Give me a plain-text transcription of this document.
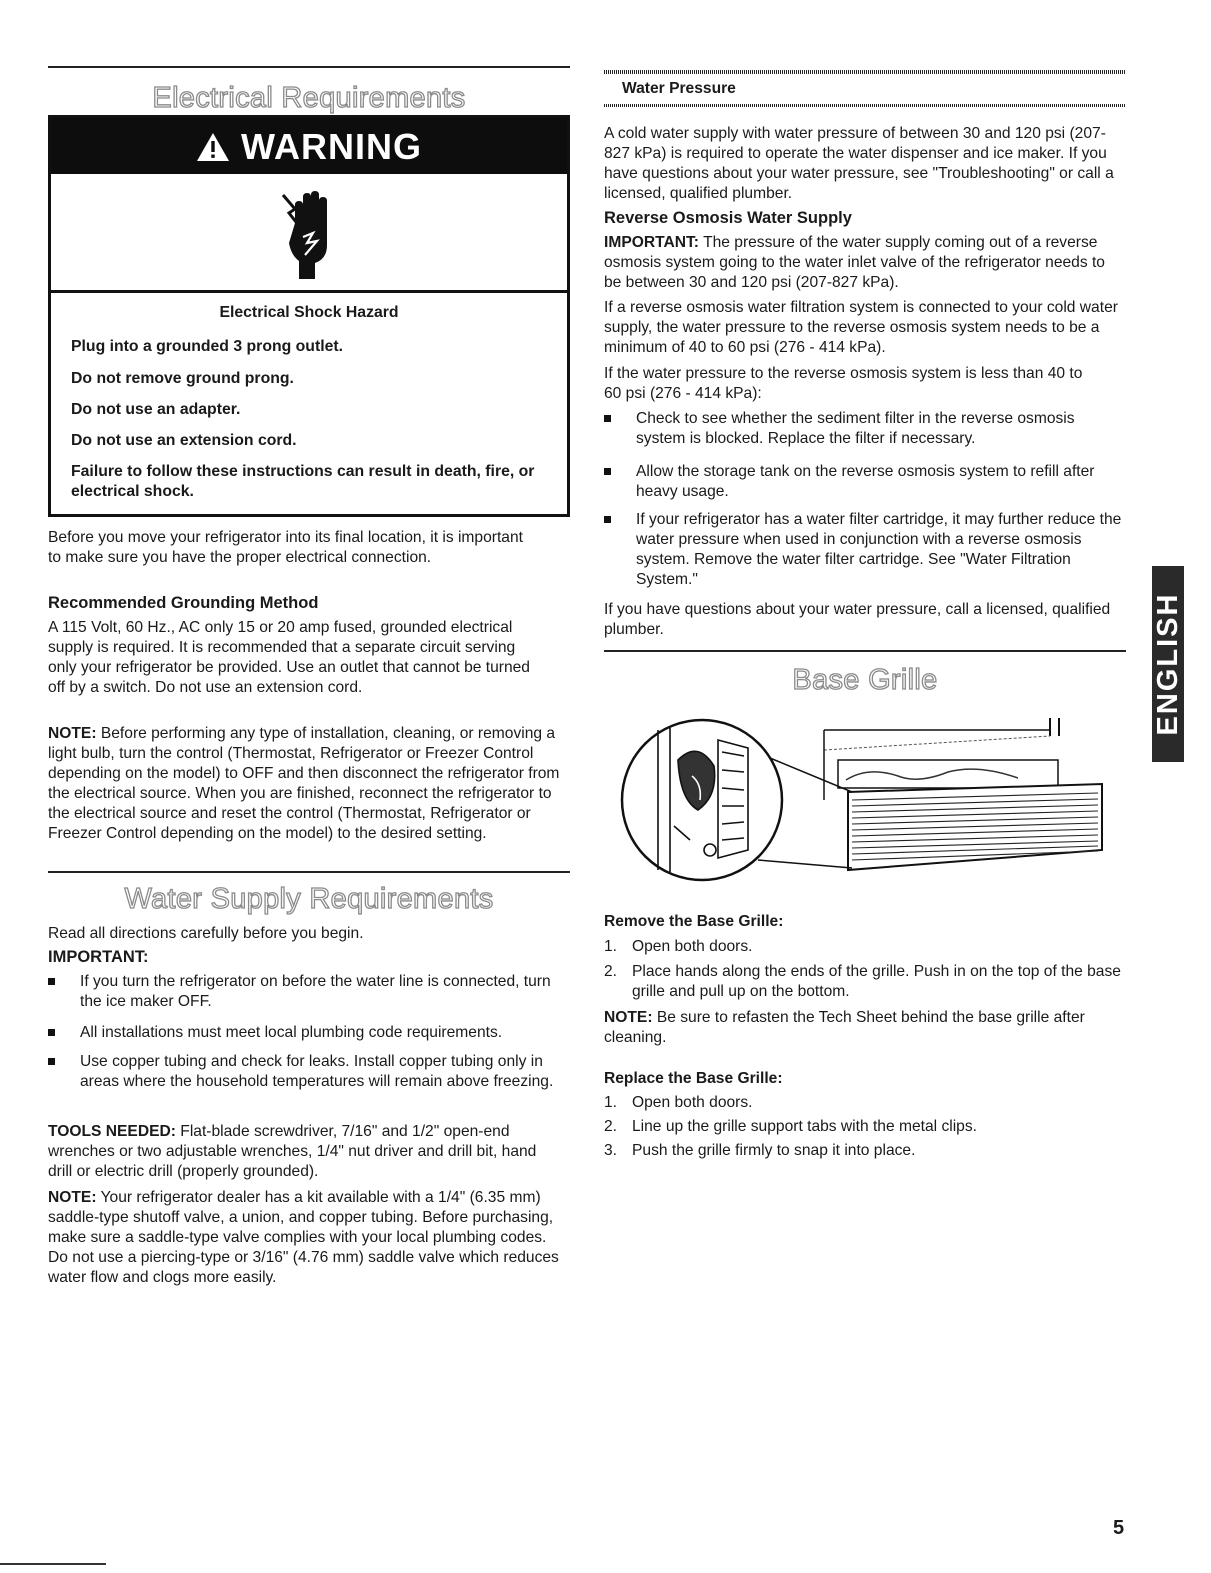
Electrical Requirements
WARNING
Electrical Shock Hazard
Plug into a grounded 3 prong outlet.
Do not remove ground prong.
Do not use an adapter.
Do not use an extension cord.
Failure to follow these instructions can result in death, fire, or electrical shock.

Before you move your refrigerator into its final location, it is important to make sure you have the proper electrical connection.

Recommended Grounding Method

A 115 Volt, 60 Hz., AC only 15 or 20 amp fused, grounded electrical supply is required. It is recommended that a separate circuit serving only your refrigerator be provided. Use an outlet that cannot be turned off by a switch. Do not use an extension cord.

NOTE: Before performing any type of installation, cleaning, or removing a light bulb, turn the control (Thermostat, Refrigerator or Freezer Control depending on the model) to OFF and then disconnect the refrigerator from the electrical source. When you are finished, reconnect the refrigerator to the electrical source and reset the control (Thermostat, Refrigerator or Freezer Control depending on the model) to the desired setting.

Water Supply Requirements

Read all directions carefully before you begin.

IMPORTANT:

If you turn the refrigerator on before the water line is connected, turn the ice maker OFF.
All installations must meet local plumbing code requirements.
Use copper tubing and check for leaks. Install copper tubing only in areas where the household temperatures will remain above freezing.

TOOLS NEEDED: Flat-blade screwdriver, 7/16" and 1/2" open-end wrenches or two adjustable wrenches, 1/4" nut driver and drill bit, hand drill or electric drill (properly grounded).

NOTE: Your refrigerator dealer has a kit available with a 1/4" (6.35 mm) saddle-type shutoff valve, a union, and copper tubing. Before purchasing, make sure a saddle-type valve complies with your local plumbing codes. Do not use a piercing-type or 3/16" (4.76 mm) saddle valve which reduces water flow and clogs more easily.

Water Pressure

A cold water supply with water pressure of between 30 and 120 psi (207-827 kPa) is required to operate the water dispenser and ice maker. If you have questions about your water pressure, see "Troubleshooting" or call a licensed, qualified plumber.

Reverse Osmosis Water Supply

IMPORTANT: The pressure of the water supply coming out of a reverse osmosis system going to the water inlet valve of the refrigerator needs to be between 30 and 120 psi (207-827 kPa).

If a reverse osmosis water filtration system is connected to your cold water supply, the water pressure to the reverse osmosis system needs to be a minimum of 40 to 60 psi (276 - 414 kPa).

If the water pressure to the reverse osmosis system is less than 40 to 60 psi (276 - 414 kPa):

Check to see whether the sediment filter in the reverse osmosis system is blocked. Replace the filter if necessary.
Allow the storage tank on the reverse osmosis system to refill after heavy usage.
If your refrigerator has a water filter cartridge, it may further reduce the water pressure when used in conjunction with a reverse osmosis system. Remove the water filter cartridge. See "Water Filtration System."

If you have questions about your water pressure, call a licensed, qualified plumber.

Base Grille

Remove the Base Grille:

1. Open both doors.
2. Place hands along the ends of the grille. Push in on the top of the base grille and pull up on the bottom.

NOTE: Be sure to refasten the Tech Sheet behind the base grille after cleaning.

Replace the Base Grille:

1. Open both doors.
2. Line up the grille support tabs with the metal clips.
3. Push the grille firmly to snap it into place.
ENGLISH
5
